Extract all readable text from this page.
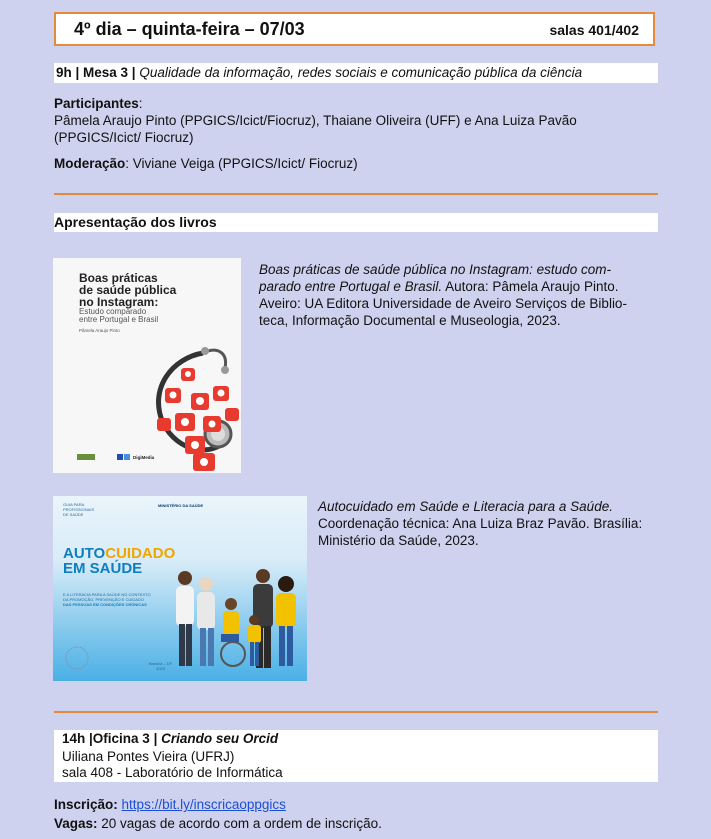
4º dia – quinta-feira – 07/03	salas 401/402
9h | Mesa 3 | Qualidade da informação, redes sociais e comunicação pública da ciência
Participantes:
Pâmela Araujo Pinto (PPGICS/Icict/Fiocruz), Thaiane Oliveira (UFF) e Ana Luiza Pavão
(PPGICS/Icict/ Fiocruz)
Moderação: Viviane Veiga (PPGICS/Icict/ Fiocruz)
Apresentação dos livros
Boas práticas
de saúde pública
no Instagram:
Estudo comparado
entre Portugal e Brasil
Pâmela Araujo Pinto
DigiMedia
Boas práticas de saúde pública no Instagram: estudo com-
parado entre Portugal e Brasil. Autora: Pâmela Araujo Pinto.
Aveiro: UA Editora Universidade de Aveiro Serviços de Biblio-
teca, Informação Documental e Museologia, 2023.
GUIA PARA PROFISSIONAIS DE SAÚDE
MINISTÉRIO DA SAÚDE
AUTOCUIDADO
EM SAÚDE
E A LITERACIA PARA A SAÚDE NO CONTEXTO
DA PROMOÇÃO, PREVENÇÃO E CUIDADO
DAS PESSOAS EM CONDIÇÕES CRÔNICAS
Brasília – DF
2023
Autocuidado em Saúde e Literacia para a Saúde.
Coordenação técnica: Ana Luiza Braz Pavão. Brasília:
Ministério da Saúde, 2023.
14h |Oficina 3 | Criando seu Orcid
Uiliana Pontes Vieira (UFRJ)
sala 408 - Laboratório de Informática
Inscrição: https://bit.ly/inscricaoppgics
Vagas: 20 vagas de acordo com a ordem de inscrição.
